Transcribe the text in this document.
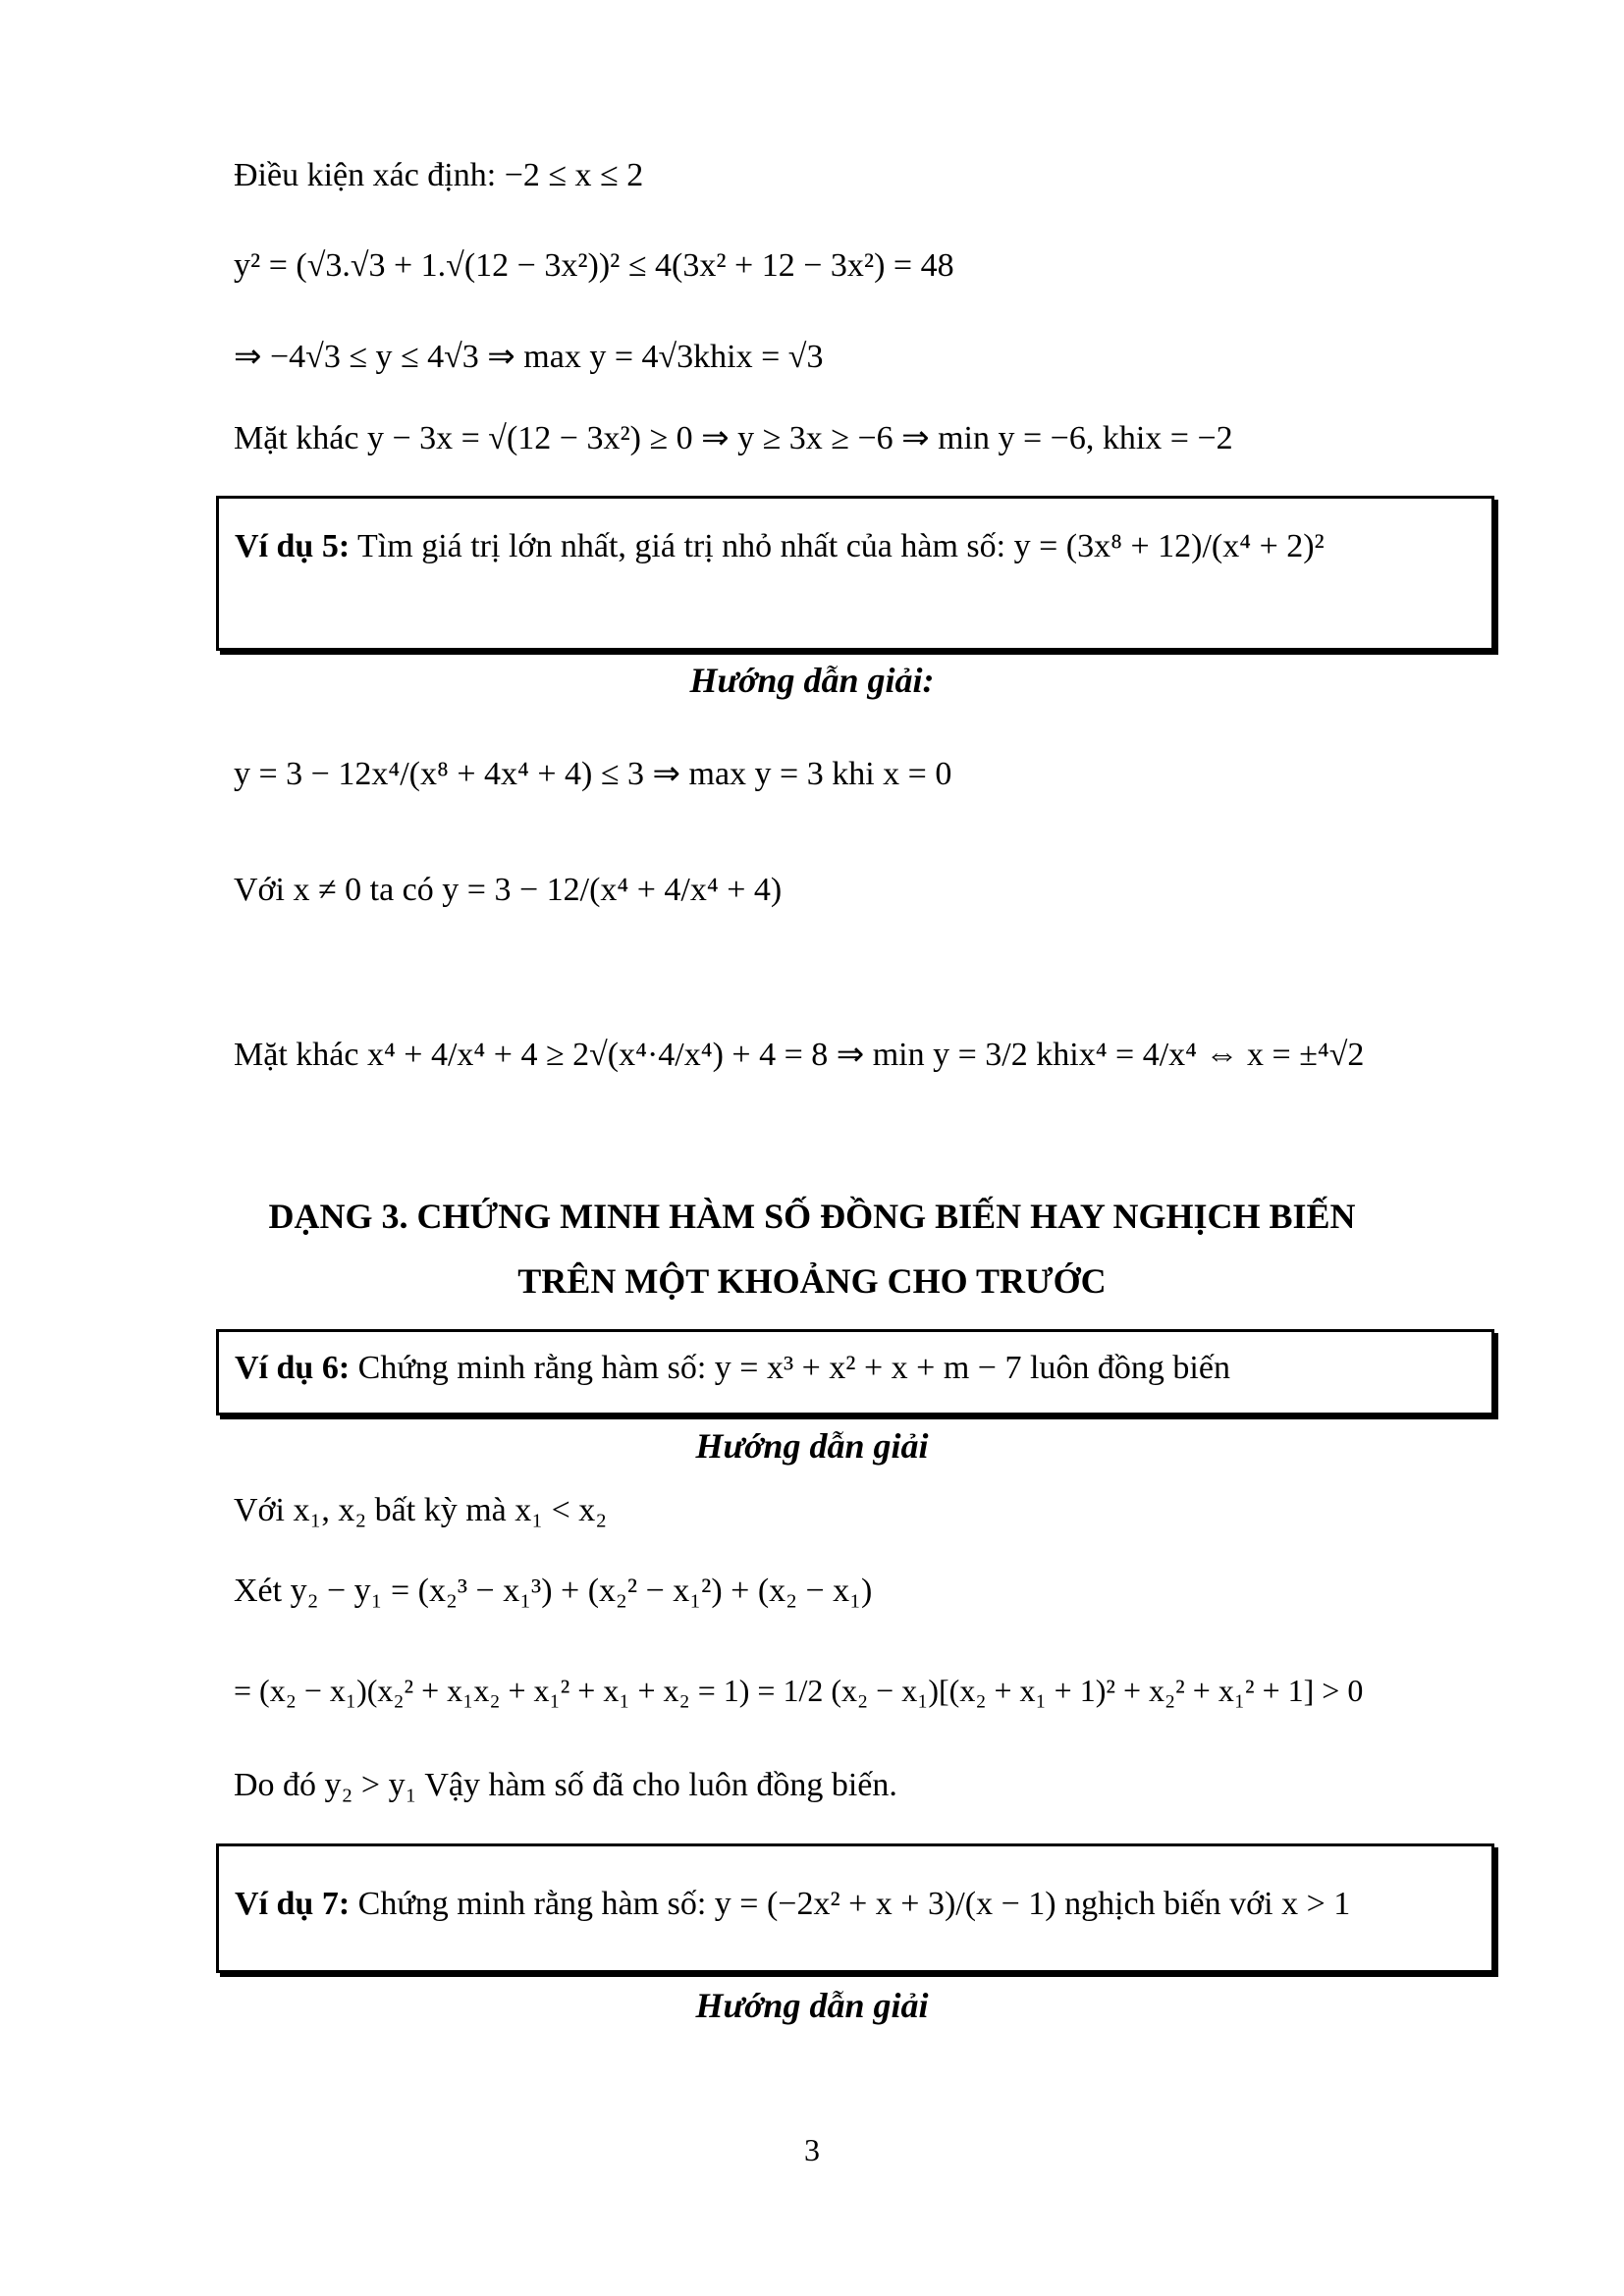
Điều kiện xác định: −2 ≤ x ≤ 2
y² = (√3.√3 + 1.√(12 − 3x²))² ≤ 4(3x² + 12 − 3x²) = 48
⇒ −4√3 ≤ y ≤ 4√3 ⇒ max y = 4√3khix = √3
Mặt khác y − 3x = √(12 − 3x²) ≥ 0 ⇒ y ≥ 3x ≥ −6 ⇒ min y = −6, khix = −2
Ví dụ 5: Tìm giá trị lớn nhất, giá trị nhỏ nhất của hàm số: y = (3x⁸ + 12)/(x⁴ + 2)²
Hướng dẫn giải:
y = 3 − 12x⁴/(x⁸ + 4x⁴ + 4) ≤ 3 ⇒ max y = 3 khi x = 0
Với x ≠ 0 ta có y = 3 − 12/(x⁴ + 4/x⁴ + 4)
Mặt khác x⁴ + 4/x⁴ + 4 ≥ 2√(x⁴·4/x⁴) + 4 = 8 ⇒ min y = 3/2 khix⁴ = 4/x⁴ ⇔ x = ±⁴√2
DẠNG 3. CHỨNG MINH HÀM SỐ ĐỒNG BIẾN HAY NGHỊCH BIẾN
TRÊN MỘT KHOẢNG CHO TRƯỚC
Ví dụ 6: Chứng minh rằng hàm số: y = x³ + x² + x + m − 7 luôn đồng biến
Hướng dẫn giải
Với x₁, x₂ bất kỳ mà x₁ < x₂
Xét y₂ − y₁ = (x₂³ − x₁³) + (x₂² − x₁²) + (x₂ − x₁)
= (x₂ − x₁)(x₂² + x₁x₂ + x₁² + x₁ + x₂ = 1) = 1/2 (x₂ − x₁)[(x₂ + x₁ + 1)² + x₂² + x₁² + 1] > 0
Do đó y₂ > y₁ Vậy hàm số đã cho luôn đồng biến.
Ví dụ 7: Chứng minh rằng hàm số: y = (−2x² + x + 3)/(x − 1) nghịch biến với x > 1
Hướng dẫn giải
3
